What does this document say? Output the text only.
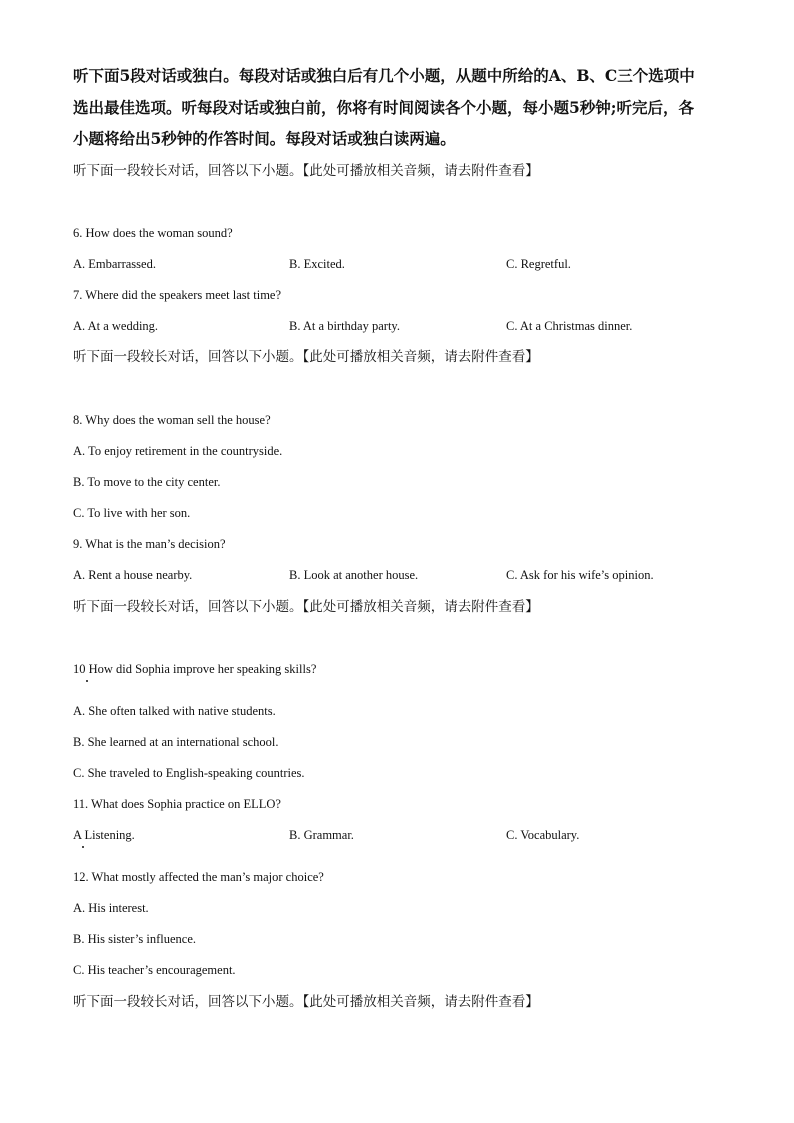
听下面5段对话或独白。每段对话或独白后有几个小题，从题中所给的A、B、C三个选项中
选出最佳选项。听每段对话或独白前，你将有时间阅读各个小题，每小题5秒钟;听完后，各
小题将给出5秒钟的作答时间。每段对话或独白读两遍。
听下面一段较长对话，回答以下小题。【此处可播放相关音频，请去附件查看】
6. How does the woman sound?
A. Embarrassed.	B. Excited.	C. Regretful.
7. Where did the speakers meet last time?
A. At a wedding.	B. At a birthday party.	C. At a Christmas dinner.
听下面一段较长对话，回答以下小题。【此处可播放相关音频，请去附件查看】
8. Why does the woman sell the house?
A. To enjoy retirement in the countryside.
B. To move to the city center.
C. To live with her son.
9. What is the man’s decision?
A. Rent a house nearby.	B. Look at another house.	C. Ask for his wife’s opinion.
听下面一段较长对话，回答以下小题。【此处可播放相关音频，请去附件查看】
10 How did Sophia improve her speaking skills?
A. She often talked with native students.
B. She learned at an international school.
C. She traveled to English-speaking countries.
11. What does Sophia practice on ELLO?
A Listening.	B. Grammar.	C. Vocabulary.
12. What mostly affected the man’s major choice?
A. His interest.
B. His sister’s influence.
C. His teacher’s encouragement.
听下面一段较长对话，回答以下小题。【此处可播放相关音频，请去附件查看】
